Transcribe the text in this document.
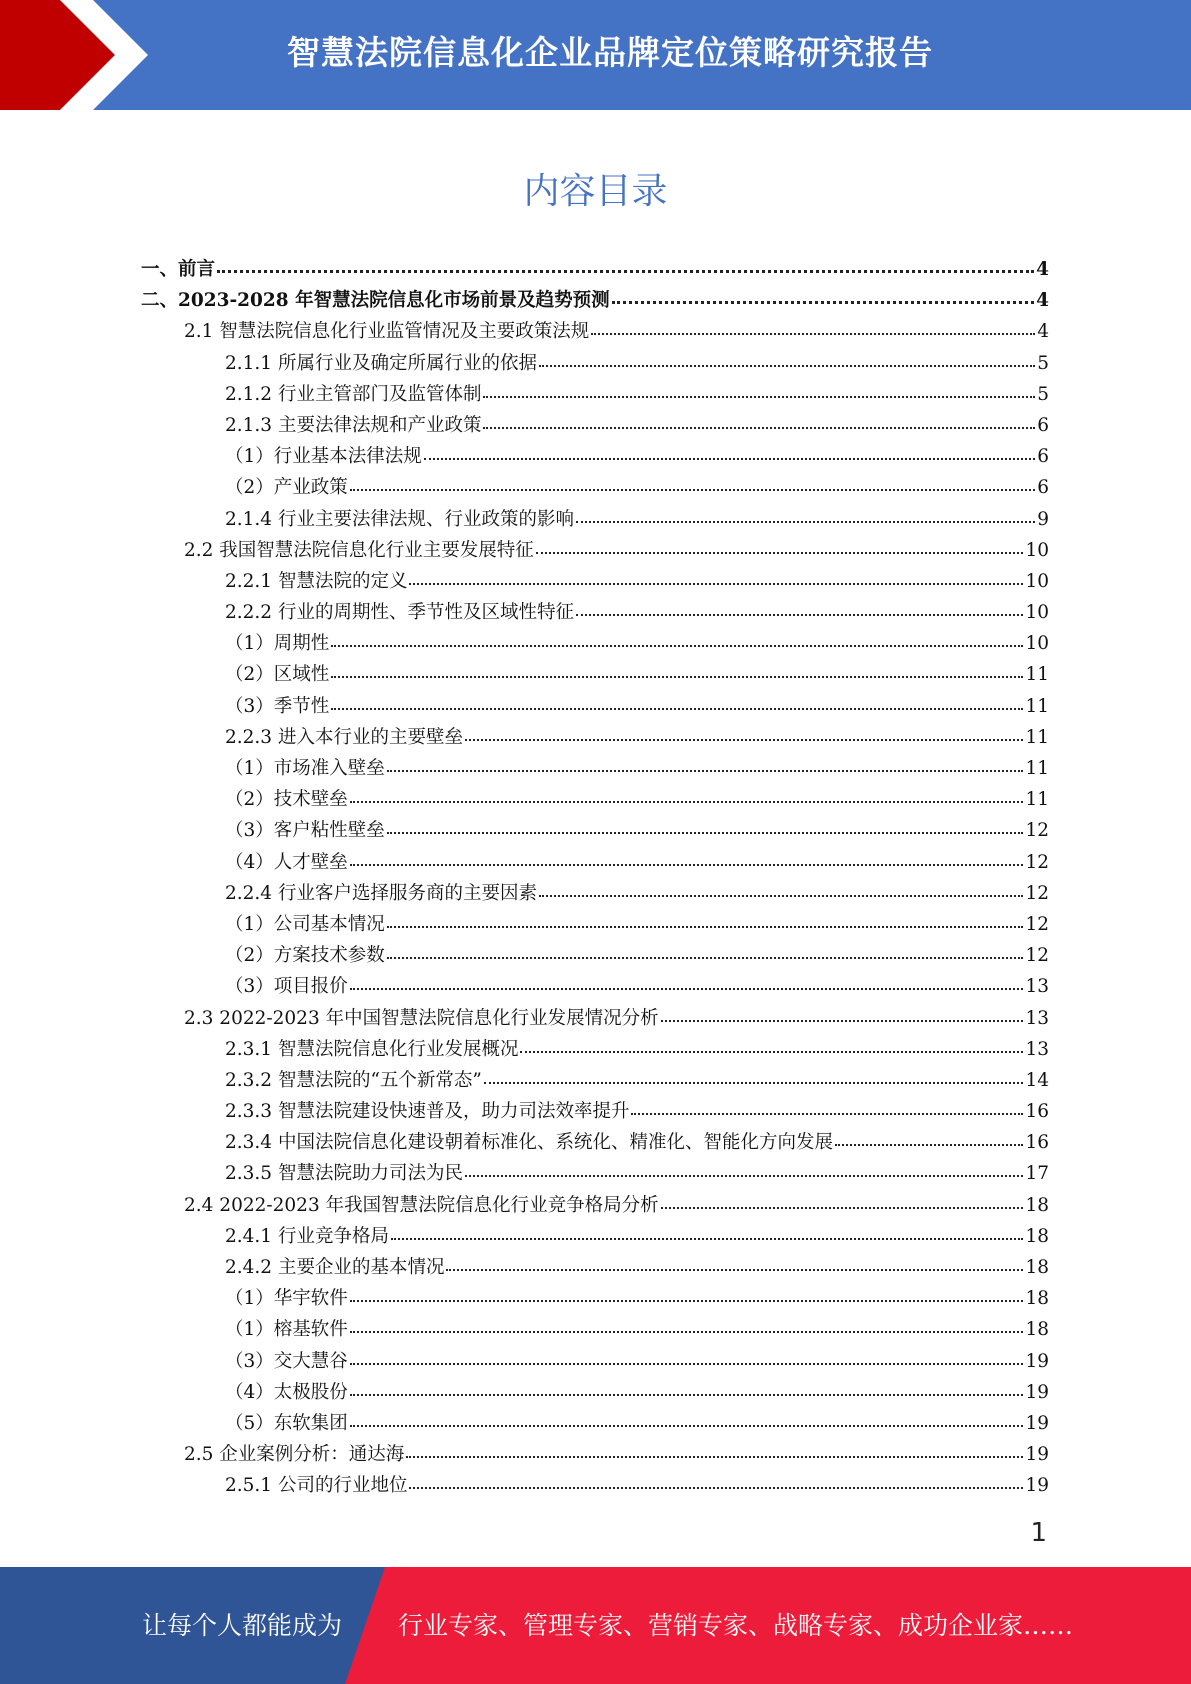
智慧法院信息化企业品牌定位策略研究报告
内容目录
一、前言	4
二、2023-2028 年智慧法院信息化市场前景及趋势预测	4
2.1 智慧法院信息化行业监管情况及主要政策法规	4
2.1.1 所属行业及确定所属行业的依据	5
2.1.2 行业主管部门及监管体制	5
2.1.3 主要法律法规和产业政策	6
（1）行业基本法律法规	6
（2）产业政策	6
2.1.4 行业主要法律法规、行业政策的影响	9
2.2 我国智慧法院信息化行业主要发展特征	10
2.2.1 智慧法院的定义	10
2.2.2 行业的周期性、季节性及区域性特征	10
（1）周期性	10
（2）区域性	11
（3）季节性	11
2.2.3 进入本行业的主要壁垒	11
（1）市场准入壁垒	11
（2）技术壁垒	11
（3）客户粘性壁垒	12
（4）人才壁垒	12
2.2.4 行业客户选择服务商的主要因素	12
（1）公司基本情况	12
（2）方案技术参数	12
（3）项目报价	13
2.3 2022-2023 年中国智慧法院信息化行业发展情况分析	13
2.3.1 智慧法院信息化行业发展概况	13
2.3.2 智慧法院的“五个新常态”	14
2.3.3 智慧法院建设快速普及，助力司法效率提升	16
2.3.4 中国法院信息化建设朝着标准化、系统化、精准化、智能化方向发展	16
2.3.5 智慧法院助力司法为民	17
2.4 2022-2023 年我国智慧法院信息化行业竞争格局分析	18
2.4.1 行业竞争格局	18
2.4.2 主要企业的基本情况	18
（1）华宇软件	18
（1）榕基软件	18
（3）交大慧谷	19
（4）太极股份	19
（5）东软集团	19
2.5 企业案例分析：通达海	19
2.5.1 公司的行业地位	19
1
让每个人都能成为 行业专家、管理专家、营销专家、战略专家、成功企业家……
